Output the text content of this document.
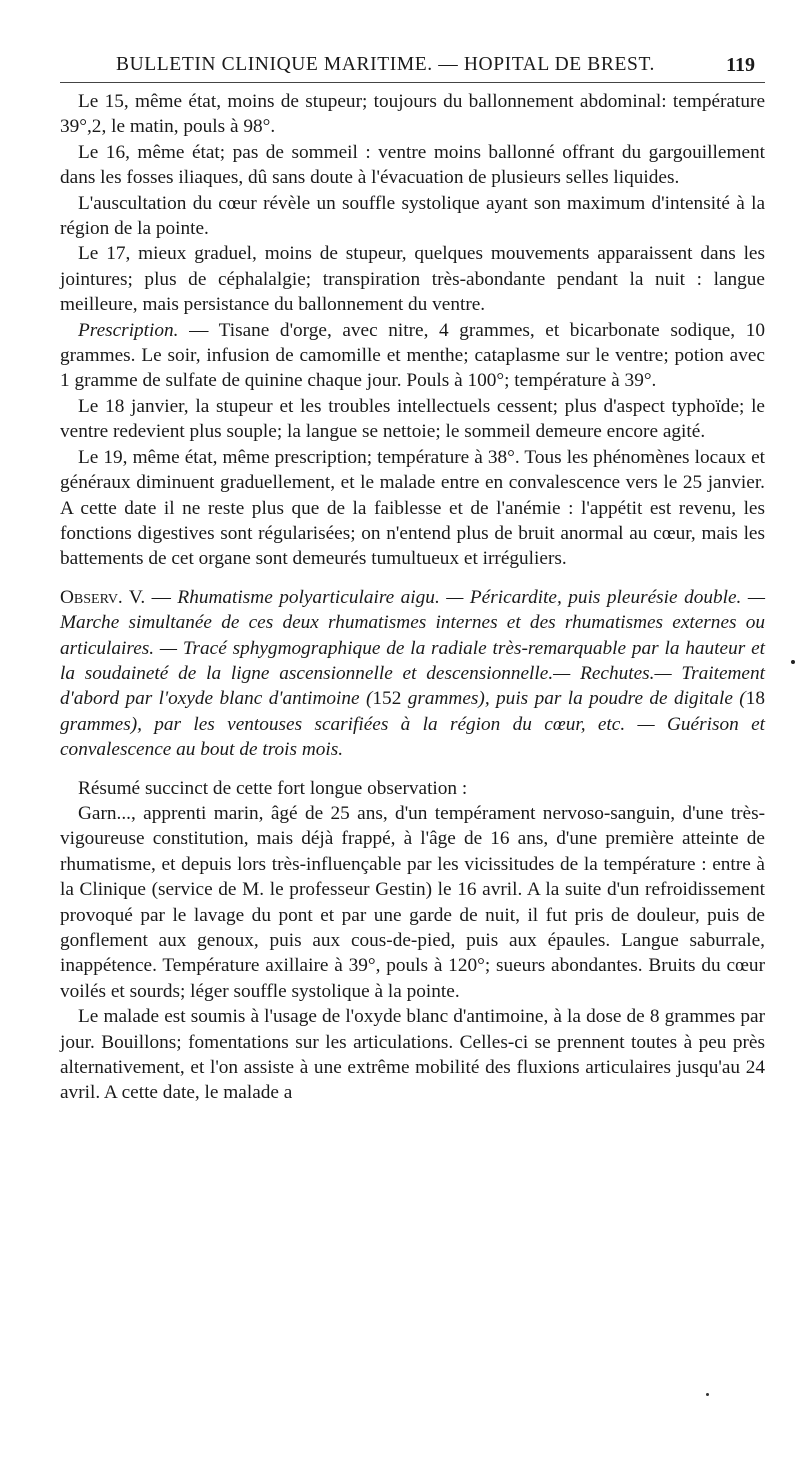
BULLETIN CLINIQUE MARITIME. — HOPITAL DE BREST.	119

Le 15, même état, moins de stupeur; toujours du ballonnement abdominal: température 39°,2, le matin, pouls à 98°.

Le 16, même état; pas de sommeil : ventre moins ballonné offrant du gargouillement dans les fosses iliaques, dû sans doute à l'évacuation de plusieurs selles liquides.

L'auscultation du cœur révèle un souffle systolique ayant son maximum d'intensité à la région de la pointe.

Le 17, mieux graduel, moins de stupeur, quelques mouvements apparaissent dans les jointures; plus de céphalalgie; transpiration très-abondante pendant la nuit : langue meilleure, mais persistance du ballonnement du ventre.

Prescription. — Tisane d'orge, avec nitre, 4 grammes, et bicarbonate sodique, 10 grammes. Le soir, infusion de camomille et menthe; cataplasme sur le ventre; potion avec 1 gramme de sulfate de quinine chaque jour. Pouls à 100°; température à 39°.

Le 18 janvier, la stupeur et les troubles intellectuels cessent; plus d'aspect typhoïde; le ventre redevient plus souple; la langue se nettoie; le sommeil demeure encore agité.

Le 19, même état, même prescription; température à 38°. Tous les phénomènes locaux et généraux diminuent graduellement, et le malade entre en convalescence vers le 25 janvier. A cette date il ne reste plus que de la faiblesse et de l'anémie : l'appétit est revenu, les fonctions digestives sont régularisées; on n'entend plus de bruit anormal au cœur, mais les battements de cet organe sont demeurés tumultueux et irréguliers.

Observ. V. — Rhumatisme polyarticulaire aigu. — Péricardite, puis pleurésie double. — Marche simultanée de ces deux rhumatismes internes et des rhumatismes externes ou articulaires. — Tracé sphygmographique de la radiale très-remarquable par la hauteur et la soudaineté de la ligne ascensionnelle et descensionnelle.— Rechutes.— Traitement d'abord par l'oxyde blanc d'antimoine (152 grammes), puis par la poudre de digitale (18 grammes), par les ventouses scarifiées à la région du cœur, etc. — Guérison et convalescence au bout de trois mois.

Résumé succinct de cette fort longue observation :

Garn..., apprenti marin, âgé de 25 ans, d'un tempérament nervoso-sanguin, d'une très-vigoureuse constitution, mais déjà frappé, à l'âge de 16 ans, d'une première atteinte de rhumatisme, et depuis lors très-influençable par les vicissitudes de la température : entre à la Clinique (service de M. le professeur Gestin) le 16 avril. A la suite d'un refroidissement provoqué par le lavage du pont et par une garde de nuit, il fut pris de douleur, puis de gonflement aux genoux, puis aux cous-de-pied, puis aux épaules. Langue saburrale, inappétence. Température axillaire à 39°, pouls à 120°; sueurs abondantes. Bruits du cœur voilés et sourds; léger souffle systolique à la pointe.

Le malade est soumis à l'usage de l'oxyde blanc d'antimoine, à la dose de 8 grammes par jour. Bouillons; fomentations sur les articulations. Celles-ci se prennent toutes à peu près alternativement, et l'on assiste à une extrême mobilité des fluxions articulaires jusqu'au 24 avril. A cette date, le malade a
